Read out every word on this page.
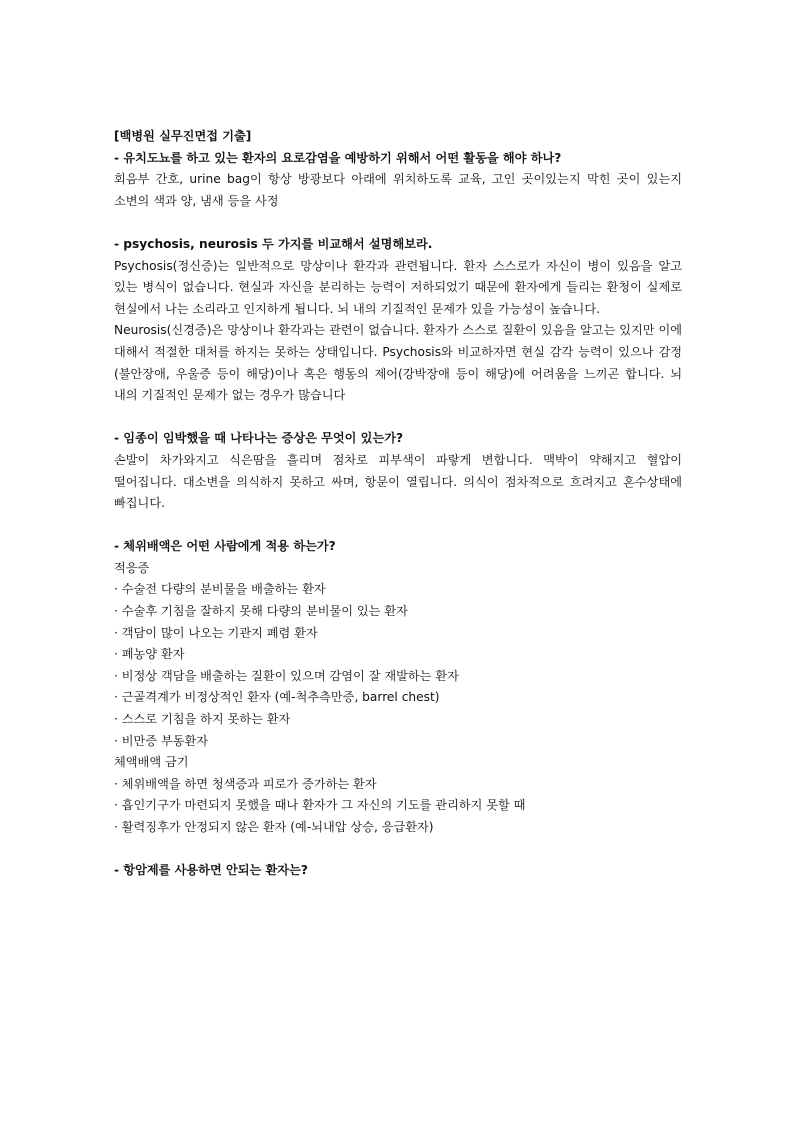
[백병원 실무진면접 기출]
- 유치도뇨를 하고 있는 환자의 요로감염을 예방하기 위해서 어떤 활동을 해야 하나?
회음부 간호, urine bag이 항상 방광보다 아래에 위치하도록 교육, 고인 곳이있는지 막힌 곳이 있는지 소변의 색과 양, 냄새 등을 사정
- psychosis, neurosis 두 가지를 비교해서 설명해보라.
Psychosis(정신증)는 일반적으로 망상이나 환각과 관련됩니다. 환자 스스로가 자신이 병이 있음을 알고 있는 병식이 없습니다. 현실과 자신을 분리하는 능력이 저하되었기 때문에 환자에게 들리는 환청이 실제로 현실에서 나는 소리라고 인지하게 됩니다. 뇌 내의 기질적인 문제가 있을 가능성이 높습니다.
Neurosis(신경증)은 망상이나 환각과는 관련이 없습니다. 환자가 스스로 질환이 있음을 알고는 있지만 이에 대해서 적절한 대처를 하지는 못하는 상태입니다. Psychosis와 비교하자면 현실 감각 능력이 있으나 감정(불안장애, 우울증 등이 해당)이나 혹은 행동의 제어(강박장애 등이 해당)에 어려움을 느끼곤 합니다. 뇌 내의 기질적인 문제가 없는 경우가 많습니다
- 임종이 임박했을 때 나타나는 증상은 무엇이 있는가?
손발이 차가와지고 식은땀을 흘리며 점차로 피부색이 파랗게 변합니다. 맥박이 약해지고 혈압이 떨어집니다. 대소변을 의식하지 못하고 싸며, 항문이 열립니다. 의식이 점차적으로 흐려지고 혼수상태에 빠집니다.
- 체위배액은 어떤 사람에게 적용 하는가?
적응증
· 수술전 다량의 분비물을 배출하는 환자
· 수술후 기침을 잘하지 못해 다량의 분비물이 있는 환자
· 객담이 많이 나오는 기관지 폐렴 환자
· 폐농양 환자
· 비정상 객담을 배출하는 질환이 있으며 감염이 잘 재발하는 환자
· 근골격계가 비정상적인 환자 (예-척추측만증, barrel chest)
· 스스로 기침을 하지 못하는 환자
· 비만증 부동환자
체액배액 금기
· 체위배액을 하면 청색증과 피로가 증가하는 환자
· 흡인기구가 마련되지 못했을 때나 환자가 그 자신의 기도를 관리하지 못할 때
· 활력징후가 안정되지 않은 환자 (예-뇌내압 상승, 응급환자)
- 항암제를 사용하면 안되는 환자는?
